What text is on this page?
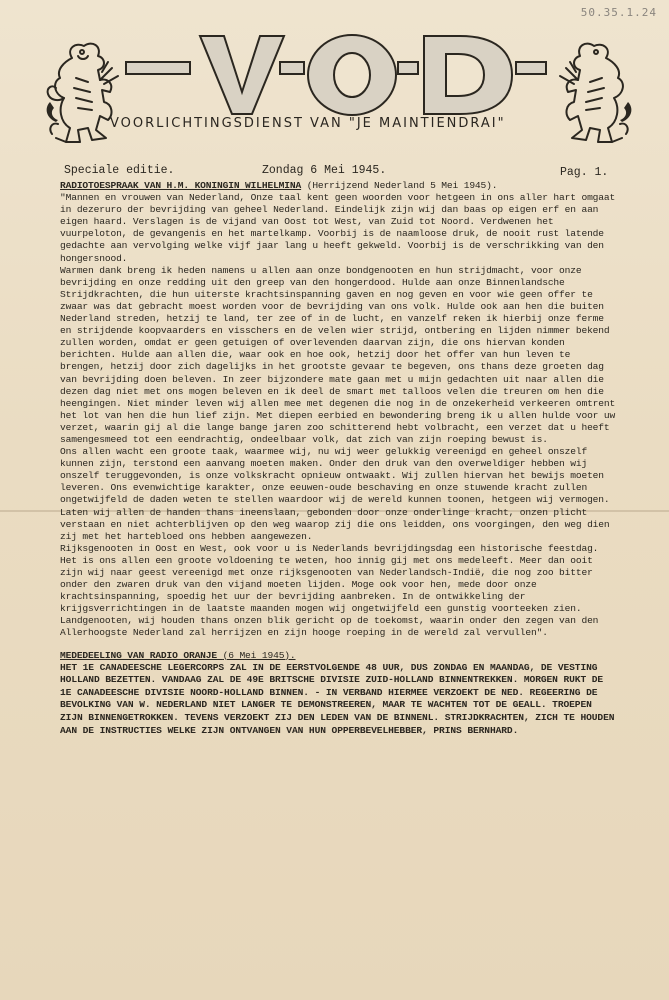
50.35.1.24
VOORLICHTINGSDIENST VAN "JE MAINTIENDRAI"
Speciale editie.	Zondag 6 Mei 1945.	Pag. 1.
RADIOTOESPRAAK VAN H.M. KONINGIN WILHELMINA (Herrijzend Nederland 5 Mei 1945).

"Mannen en vrouwen van Nederland, Onze taal kent geen woorden voor hetgeen in ons aller hart omgaat in dezeruro der bevrijding van geheel Nederland. Eindelijk zijn wij dan baas op eigen erf en aan eigen haard. Verslagen is de vijand van Oost tot West, van Zuid tot Noord. Verdwenen het vuurpeloton, de gevangenis en het martelkamp. Voorbij is de naamloose druk, de nooit rust latende gedachte aan vervolging welke vijf jaar lang u heeft gekweld. Voorbij is de verschrikking van den hongersnood.

Warmen dank breng ik heden namens u allen aan onze bondgenooten en hun strijdmacht, voor onze bevrijding en onze redding uit den greep van den hongerdood. Hulde aan onze Binnenlandsche Strijdkrachten, die hun uiterste krachtsinspanning gaven en nog geven en voor wie geen offer te zwaar was dat gebracht moest worden voor de bevrijding van ons volk. Hulde ook aan hen die buiten Nederland streden, hetzij te land, ter zee of in de lucht, en vanzelf reken ik hierbij onze ferme en strijdende koopvaarders en visschers en de velen wier strijd, ontbering en lijden nimmer bekend zullen worden, omdat er geen getuigen of overlevenden daarvan zijn, die ons hiervan konden berichten. Hulde aan allen die, waar ook en hoe ook, hetzij door het offer van hun leven te brengen, hetzij door zich dagelijks in het grootste gevaar te begeven, ons thans deze groeten dag van bevrijding doen beleven. In zeer bijzondere mate gaan met u mijn gedachten uit naar allen die dezen dag niet met ons mogen beleven en ik deel de smart met talloos velen die treuren om hen die heengingen. Niet minder leven wij allen mee met degenen die nog in de onzekerheid verkeeren omtrent het lot van hen die hun lief zijn. Met diepen eerbied en bewondering breng ik u allen hulde voor uw verzet, waarin gij al die lange bange jaren zoo schitterend hebt volbracht, een verzet dat u heeft samengesmeed tot een eendrachtig, ondeelbaar volk, dat zich van zijn roeping bewust is.

Ons allen wacht een groote taak, waarmee wij, nu wij weer gelukkig vereenigd en geheel onszelf kunnen zijn, terstond een aanvang moeten maken. Onder den druk van den overweldiger hebben wij onszelf teruggevonden, is onze volkskracht opnieuw ontwaakt. Wij zullen hiervan het bewijs moeten leveren. Ons evenwichtige karakter, onze eeuwen-oude beschaving en onze stuwende kracht zullen ongetwijfeld de daden weten te stellen waardoor wij de wereld kunnen toonen, hetgeen wij vermogen. Laten wij allen de handen thans ineenslaan, gebonden door onze onderlinge kracht, onzen plicht verstaan en niet achterblijven op den weg waarop zij die ons leidden, ons voorgingen, den weg dien zij met het hartebloed ons hebben aangewezen.

Rijksgenooten in Oost en West, ook voor u is Nederlands bevrijdingsdag een historische feestdag. Het is ons allen een groote voldoening te weten, hoo innig gij met ons medeleeft. Meer dan ooit zijn wij naar geest vereenigd met onze rijksgenooten van Nederlandsch-Indië, die nog zoo bitter onder den zwaren druk van den vijand moeten lijden. Moge ook voor hen, mede door onze krachtsinspanning, spoedig het uur der bevrijding aanbreken. In de ontwikkeling der krijgsverrichtingen in de laatste maanden mogen wij ongetwijfeld een gunstig voorteeken zien.

Landgenooten, wij houden thans onzen blik gericht op de toekomst, waarin onder den zegen van den Allerhoogste Nederland zal herrijzen en zijn hooge roeping in de wereld zal vervullen".

MEDEDEELING VAN RADIO ORANJE (6 Mei 1945).

HET 1E CANADEESCHE LEGERCORPS ZAL IN DE EERSTVOLGENDE 48 UUR, DUS ZONDAG EN MAANDAG, DE VESTING HOLLAND BEZETTEN. VANDAAG ZAL DE 49E BRITSCHE DIVISIE ZUID-HOLLAND BINNENTREKKEN. MORGEN RUKT DE 1E CANADEESCHE DIVISIE NOORD-HOLLAND BINNEN. - IN VERBAND HIERMEE VERZOEKT DE NED. REGEERING DE BEVOLKING VAN W. NEDERLAND NIET LANGER TE DEMONSTREEREN, MAAR TE WACHTEN TOT DE GEALL. TROEPEN ZIJN BINNENGETROKKEN. TEVENS VERZOEKT ZIJ DEN LEDEN VAN DE BINNENL. STRIJDKRACHTEN, ZICH TE HOUDEN AAN DE INSTRUCTIES WELKE ZIJN ONTVANGEN VAN HUN OPPERBEVELHEBBER, PRINS BERNHARD.
